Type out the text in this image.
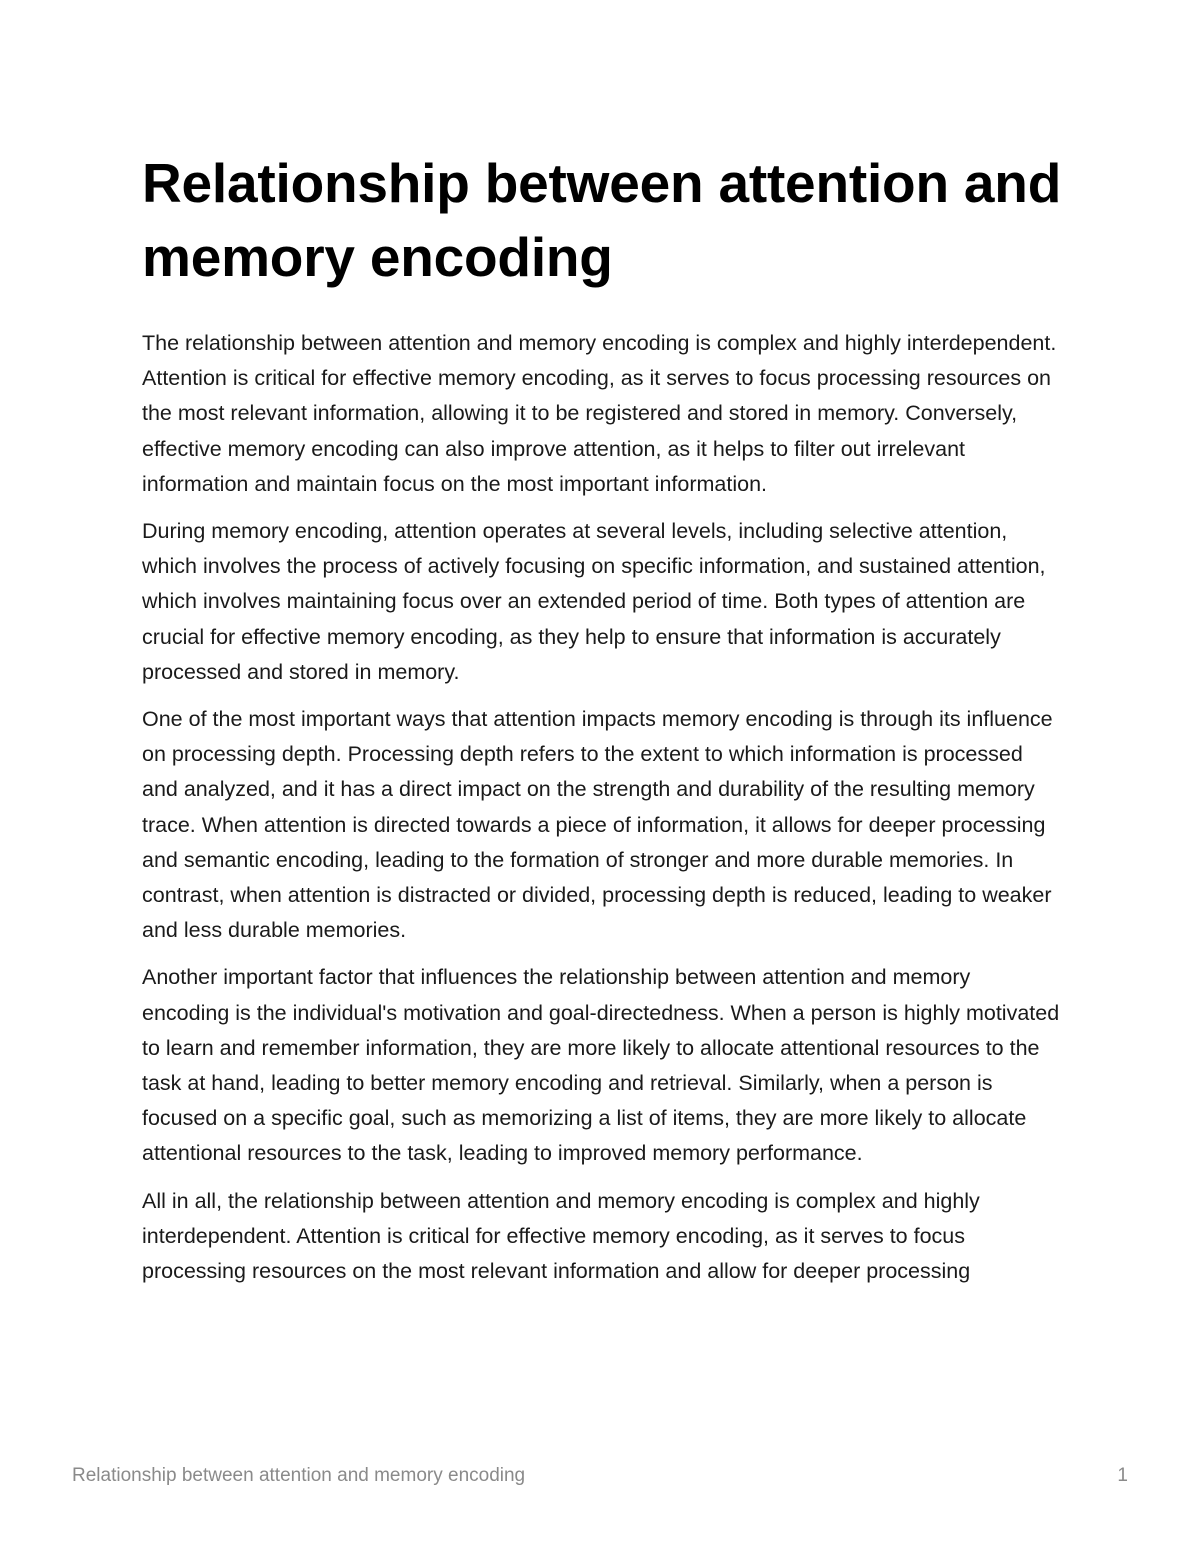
Relationship between attention and memory encoding

The relationship between attention and memory encoding is complex and highly interdependent. Attention is critical for effective memory encoding, as it serves to focus processing resources on the most relevant information, allowing it to be registered and stored in memory. Conversely, effective memory encoding can also improve attention, as it helps to filter out irrelevant information and maintain focus on the most important information.

During memory encoding, attention operates at several levels, including selective attention, which involves the process of actively focusing on specific information, and sustained attention, which involves maintaining focus over an extended period of time. Both types of attention are crucial for effective memory encoding, as they help to ensure that information is accurately processed and stored in memory.

One of the most important ways that attention impacts memory encoding is through its influence on processing depth. Processing depth refers to the extent to which information is processed and analyzed, and it has a direct impact on the strength and durability of the resulting memory trace. When attention is directed towards a piece of information, it allows for deeper processing and semantic encoding, leading to the formation of stronger and more durable memories. In contrast, when attention is distracted or divided, processing depth is reduced, leading to weaker and less durable memories.

Another important factor that influences the relationship between attention and memory encoding is the individual's motivation and goal-directedness. When a person is highly motivated to learn and remember information, they are more likely to allocate attentional resources to the task at hand, leading to better memory encoding and retrieval. Similarly, when a person is focused on a specific goal, such as memorizing a list of items, they are more likely to allocate attentional resources to the task, leading to improved memory performance.

All in all, the relationship between attention and memory encoding is complex and highly interdependent. Attention is critical for effective memory encoding, as it serves to focus processing resources on the most relevant information and allow for deeper processing

Relationship between attention and memory encoding	1
